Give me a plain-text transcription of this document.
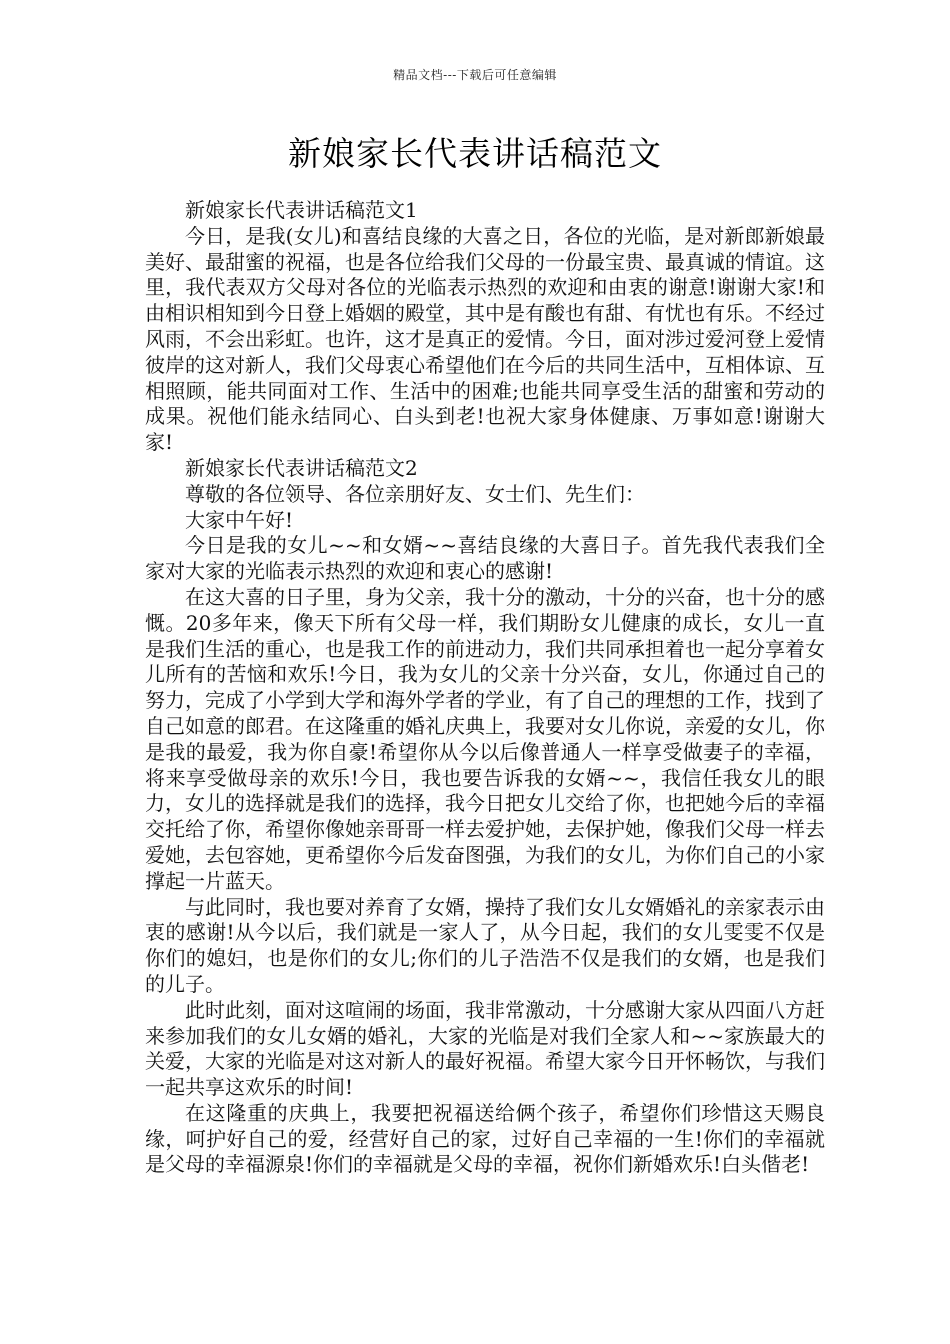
精品文档---下载后可任意编辑
新娘家长代表讲话稿范文

新娘家长代表讲话稿范文1

今日，是我(女儿)和喜结良缘的大喜之日，各位的光临，是对新郎新娘最美好、最甜蜜的祝福，也是各位给我们父母的一份最宝贵、最真诚的情谊。这里，我代表双方父母对各位的光临表示热烈的欢迎和由衷的谢意!谢谢大家!和由相识相知到今日登上婚姻的殿堂，其中是有酸也有甜、有忧也有乐。不经过风雨，不会出彩虹。也许，这才是真正的爱情。今日，面对涉过爱河登上爱情彼岸的这对新人，我们父母衷心希望他们在今后的共同生活中，互相体谅、互相照顾，能共同面对工作、生活中的困难;也能共同享受生活的甜蜜和劳动的成果。祝他们能永结同心、白头到老!也祝大家身体健康、万事如意!谢谢大家!

新娘家长代表讲话稿范文2

尊敬的各位领导、各位亲朋好友、女士们、先生们：

大家中午好!

今日是我的女儿~~和女婿~~喜结良缘的大喜日子。首先我代表我们全家对大家的光临表示热烈的欢迎和衷心的感谢!

在这大喜的日子里，身为父亲，我十分的激动，十分的兴奋，也十分的感慨。20多年来，像天下所有父母一样，我们期盼女儿健康的成长，女儿一直是我们生活的重心，也是我工作的前进动力，我们共同承担着也一起分享着女儿所有的苦恼和欢乐!今日，我为女儿的父亲十分兴奋，女儿，你通过自己的努力，完成了小学到大学和海外学者的学业，有了自己的理想的工作，找到了自己如意的郎君。在这隆重的婚礼庆典上，我要对女儿你说，亲爱的女儿，你是我的最爱，我为你自豪!希望你从今以后像普通人一样享受做妻子的幸福，将来享受做母亲的欢乐!今日，我也要告诉我的女婿~~，我信任我女儿的眼力，女儿的选择就是我们的选择，我今日把女儿交给了你，也把她今后的幸福交托给了你，希望你像她亲哥哥一样去爱护她，去保护她，像我们父母一样去爱她，去包容她，更希望你今后发奋图强，为我们的女儿，为你们自己的小家撑起一片蓝天。

与此同时，我也要对养育了女婿，操持了我们女儿女婿婚礼的亲家表示由衷的感谢!从今以后，我们就是一家人了，从今日起，我们的女儿雯雯不仅是你们的媳妇，也是你们的女儿;你们的儿子浩浩不仅是我们的女婿，也是我们的儿子。

此时此刻，面对这喧闹的场面，我非常激动，十分感谢大家从四面八方赶来参加我们的女儿女婿的婚礼，大家的光临是对我们全家人和~~家族最大的关爱，大家的光临是对这对新人的最好祝福。希望大家今日开怀畅饮，与我们一起共享这欢乐的时间!

在这隆重的庆典上，我要把祝福送给俩个孩子，希望你们珍惜这天赐良缘，呵护好自己的爱，经营好自己的家，过好自己幸福的一生!你们的幸福就是父母的幸福源泉!你们的幸福就是父母的幸福，祝你们新婚欢乐!白头偕老!
